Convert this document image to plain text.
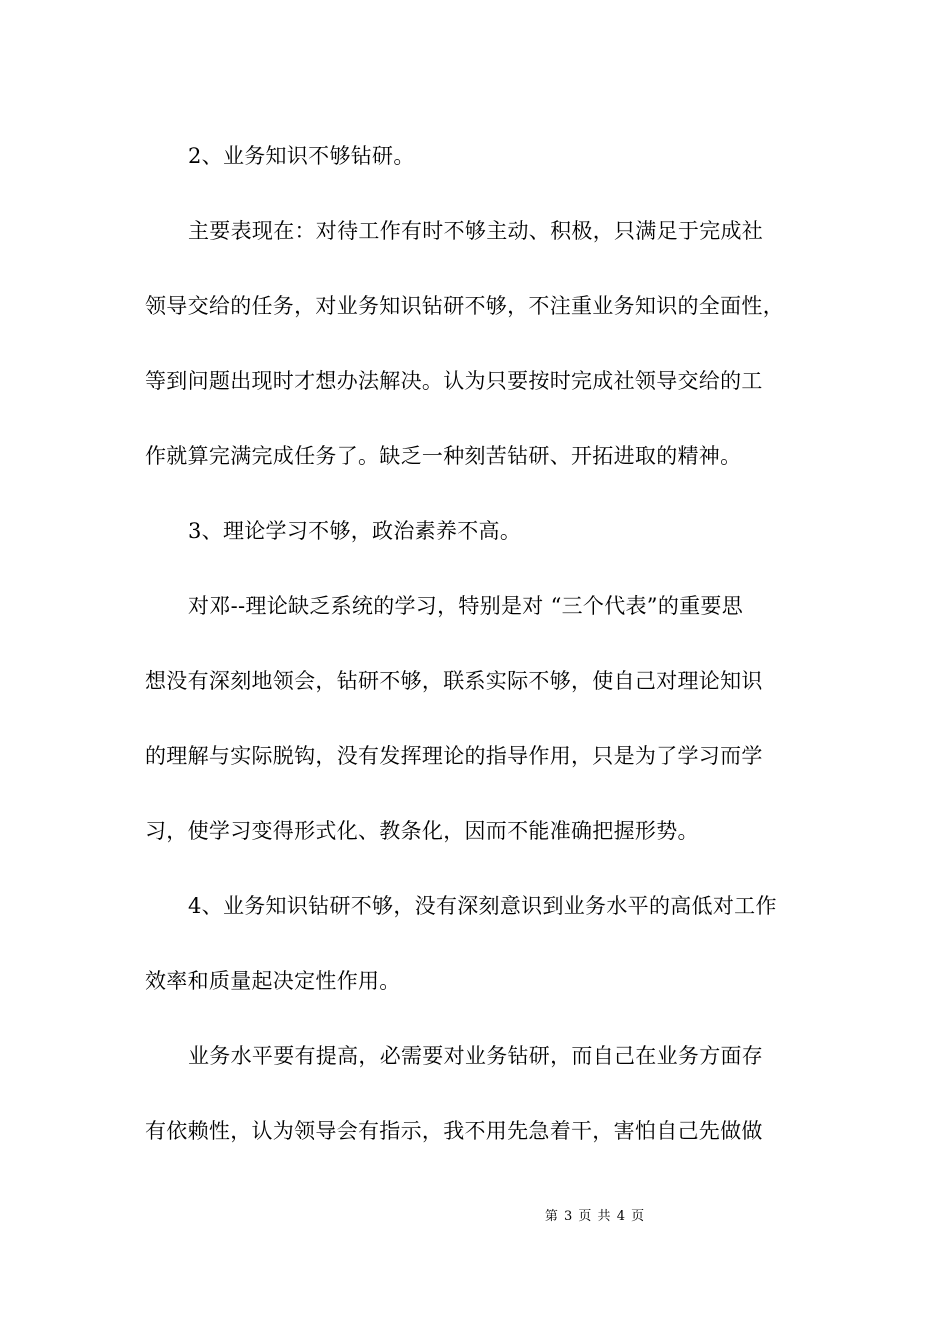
2、业务知识不够钻研。
主要表现在：对待工作有时不够主动、积极，只满足于完成社
领导交给的任务，对业务知识钻研不够，不注重业务知识的全面性，
等到问题出现时才想办法解决。认为只要按时完成社领导交给的工
作就算完满完成任务了。缺乏一种刻苦钻研、开拓进取的精神。
3、理论学习不够，政治素养不高。
对邓--理论缺乏系统的学习，特别是对 “三个代表”的重要思
想没有深刻地领会，钻研不够，联系实际不够，使自己对理论知识
的理解与实际脱钩，没有发挥理论的指导作用，只是为了学习而学
习，使学习变得形式化、教条化，因而不能准确把握形势。
4、业务知识钻研不够，没有深刻意识到业务水平的高低对工作
效率和质量起决定性作用。
业务水平要有提高，必需要对业务钻研，而自己在业务方面存
有依赖性，认为领导会有指示，我不用先急着干，害怕自己先做做
第 3 页 共 4 页
